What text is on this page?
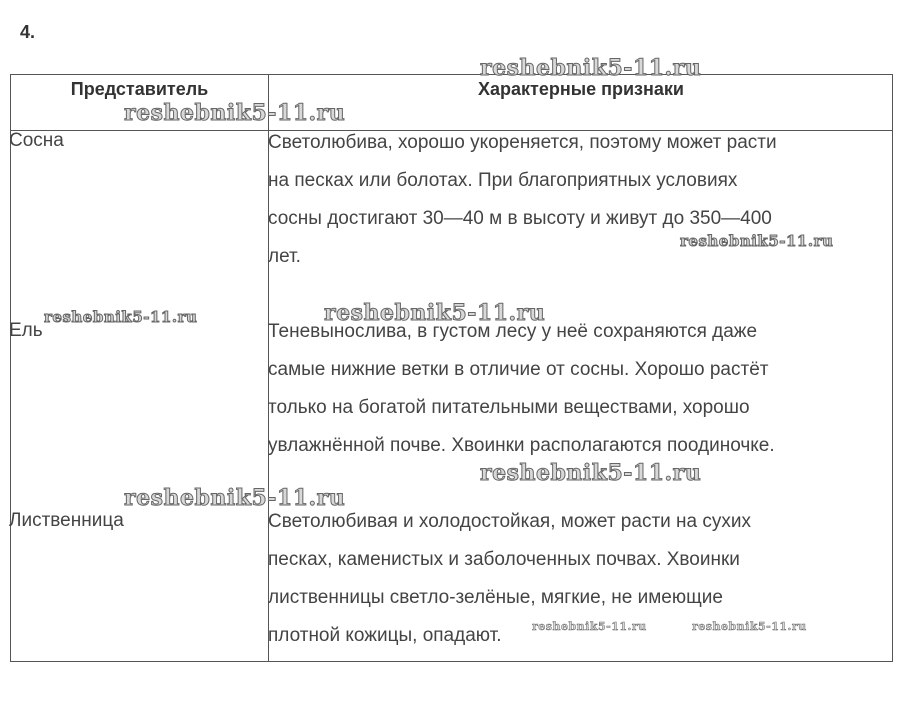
4.
Представитель	Характерные признаки
Сосна	Светолюбива, хорошо укореняется, поэтому может расти
на песках или болотах. При благоприятных условиях
сосны достигают 30—40 м в высоту и живут до 350—400
лет.
Ель	Теневынослива, в густом лесу у неё сохраняются даже
самые нижние ветки в отличие от сосны. Хорошо растёт
только на богатой питательными веществами, хорошо
увлажнённой почве. Хвоинки располагаются поодиночке.
Лиственница	Светолюбивая и холодостойкая, может расти на сухих
песках, каменистых и заболоченных почвах. Хвоинки
лиственницы светло-зелёные, мягкие, не имеющие
плотной кожицы, опадают.
reshebnik5-11.ru
reshebnik5-11.ru
reshebnik5-11.ru
reshebnik5-11.ru
reshebnik5-11.ru
reshebnik5-11.ru
reshebnik5-11.ru
reshebnik5-11.ru	reshebnik5-11.ru
